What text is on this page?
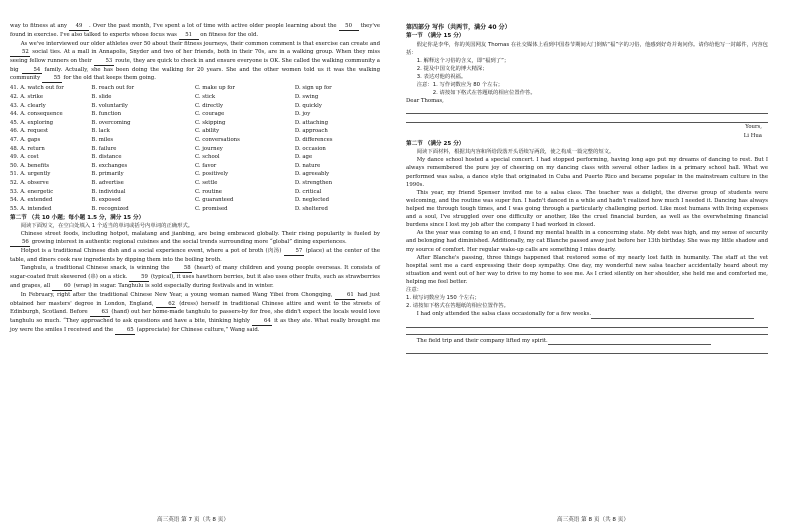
way to fitness at any 49 . Over the past month, I've spent a lot of time with active older people learning about the 50 they've found in exercise. I've also talked to experts whose focus was 51 on fitness for the old.

As we've interviewed our older athletes over 50 about their fitness journeys, their common comment is that exercise can create and 52 social ties. At a mall in Annapolis, Snyder and two of her friends, both in their 70s, are in a walking group. When they miss seeing fellow runners on their 53 route, they are quick to check in and ensure everyone is OK. She called the walking community a big 54 family. Actually, she has been doing the walking for 20 years. She and the other women told us it was the walking community 55 for the old that keeps them going.

41. A. watch out for	B. reach out for	C. make up for	D. sign up for
42. A. strike	B. slide	C. stick	D. swing
43. A. clearly	B. voluntarily	C. directly	D. quickly
44. A. consequence	B. function	C. courage	D. joy
45. A. exploring	B. overcoming	C. skipping	D. attaching
46. A. request	B. lack	C. ability	D. approach
47. A. gaps	B. miles	C. conversations	D. differences
48. A. return	B. failure	C. journey	D. occasion
49. A. cost	B. distance	C. school	D. age
50. A. benefits	B. exchanges	C. favor	D. nature
51. A. urgently	B. primarily	C. positively	D. agreeably
52. A. observe	B. advertise	C. settle	D. strengthen
53. A. energetic	B. individual	C. routine	D. critical
54. A. extended	B. exposed	C. guaranteed	D. neglected
55. A. intended	B. recognized	C. promised	D. sheltered

第二节 （共 10 小题；每小题 1.5 分，满分 15 分）

阅读下面短文，在空白处填入 1 个适当的单词或括号内单词的正确形式。

Chinese street foods, including hotpot, malatang and jianbing, are being embraced globally. Their rising popularity is fueled by 56 growing interest in authentic regional cuisines and the social trends surrounding more “global” dining experiences.

Hotpot is a traditional Chinese dish and a social experience event, where a pot of broth (肉汤) 57 (place) at the center of the table, and diners cook raw ingredients by dipping them into the boiling broth.

Tanghulu, a traditional Chinese snack, is winning the 58 (heart) of many children and young people overseas. It consists of sugar-coated fruit skewered (串) on a stick. 59 (typical), it uses hawthorn berries, but it also uses other fruits, such as strawberries and grapes, all 60 (wrap) in sugar. Tanghulu is sold especially during festivals and in winter.

In February, right after the traditional Chinese New Year, a young woman named Wang Yibei from Chongqing, 61 had just obtained her masters' degree in London, England, 62 (dress) herself in traditional Chinese attire and went to the streets of Edinburgh, Scotland. Before 63 (hand) out her home-made tanghulu to passers-by for free, she didn't expect the locals would love tanghulu so much. “They approached to ask questions and have a bite, thinking highly 64 it as they ate. What really brought me joy were the smiles I received and the 65 (appreciate) for Chinese culture,” Wang said.

高三英语 第 7 页（共 8 页）

第四部分 写作（共两节，满分 40 分）

第一节 （满分 15 分）

假定你是李华，你的英国网友 Thomas 在社交媒体上看到中国春节期间大门倒贴“福”字的习俗，他感到好奇并询问你。请你给他写一封邮件，内容包括：

1. 解释这个习俗的含义，即“福到了”；

2. 提及中国文化的博大精深；

3. 表达对他的祝福。

注意：1. 写作词数应为 80 个左右；

2. 请按如下格式在答题纸的相应位置作答。

Dear Thomas,

Yours,

Li Hua

第二节 （满分 25 分）

阅读下面材料，根据其内容和所给段落开头语续写两段，使之构成一篇完整的短文。

My dance school hosted a special concert. I had stopped performing, having long ago put my dreams of dancing to rest. But I always remembered the pure joy of cheering on my dancing class with several other ladies in a primary school hall. What we performed was salsa, a dance style that originated in Cuba and Puerto Rico and became popular in the mainstream culture in the 1990s.

This year, my friend Spenser invited me to a salsa class. The teacher was a delight, the diverse group of students were welcoming, and the routine was super fun. I hadn't danced in a while and hadn't realized how much I needed it. Dancing has always helped me through tough times, and I was going through a particularly challenging period. Like most humans with living expenses and a soul, I've struggled over one difficulty or another, like the cruel financial burden, as well as the overwhelming financial burdens since I lost my job after the company I had worked in closed.

As the year was coming to an end, I found my mental health in a concerning state. My debt was high, and my sense of security and belonging had diminished. Additionally, my cat Blanche passed away just before her 13th birthday. She was my little shadow and my source of comfort. Her regular wake-up calls are something I miss dearly.

After Blanche's passing, three things happened that restored some of my nearly lost faith in humanity. The staff at the vet hospital sent me a card expressing their deep sympathy. One day, my wonderful new salsa teacher accidentally heard about my situation and went out of her way to drive to my home to see me. As I cried silently on her shoulder, she held me and comforted me, helping me feel better.

注意：

1. 续写词数应为 150 个左右；

2. 请按如下格式在答题纸的相应位置作答。

I had only attended the salsa class occasionally for a few weeks.

The field trip and their company lifted my spirit.

高三英语 第 8 页（共 8 页）
